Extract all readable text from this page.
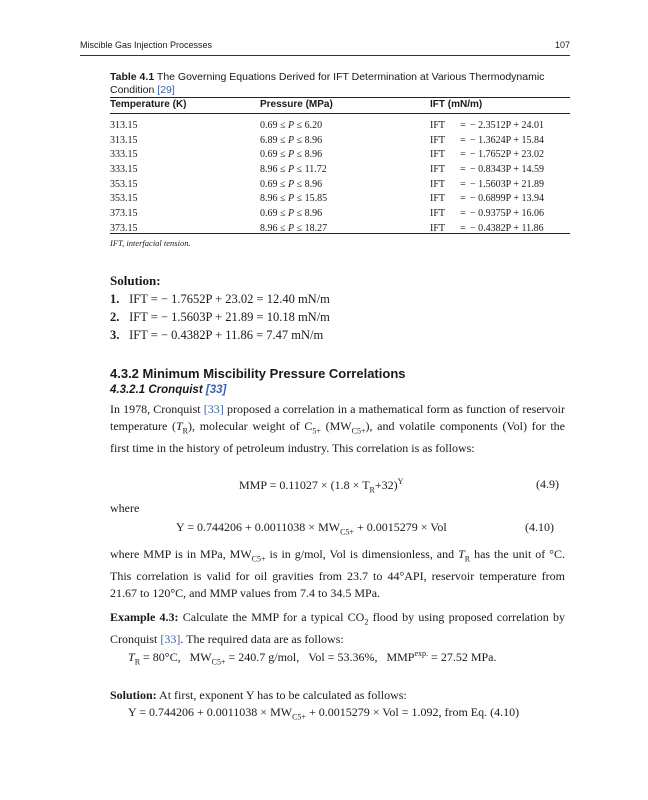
Miscible Gas Injection Processes	107
Table 4.1 The Governing Equations Derived for IFT Determination at Various Thermodynamic Condition [29]
Temperature (K)	Pressure (MPa)	IFT (mN/m)
313.15	0.69 ≤ P ≤ 6.20	IFT = − 2.3512P + 24.01
313.15	6.89 ≤ P ≤ 8.96	IFT = − 1.3624P + 15.84
333.15	0.69 ≤ P ≤ 8.96	IFT = − 1.7652P + 23.02
333.15	8.96 ≤ P ≤ 11.72	IFT = − 0.8343P + 14.59
353.15	0.69 ≤ P ≤ 8.96	IFT = − 1.5603P + 21.89
353.15	8.96 ≤ P ≤ 15.85	IFT = − 0.6899P + 13.94
373.15	0.69 ≤ P ≤ 8.96	IFT = − 0.9375P + 16.06
373.15	8.96 ≤ P ≤ 18.27	IFT = − 0.4382P + 11.86
IFT, interfacial tension.
Solution:
1. IFT = − 1.7652P + 23.02 = 12.40 mN/m
2. IFT = − 1.5603P + 21.89 = 10.18 mN/m
3. IFT = − 0.4382P + 11.86 = 7.47 mN/m
4.3.2 Minimum Miscibility Pressure Correlations
4.3.2.1 Cronquist [33]
In 1978, Cronquist [33] proposed a correlation in a mathematical form as function of reservoir temperature $(T_R)$, molecular weight of $C_{5+}$ $(MW_{C5+})$, and volatile components (Vol) for the first time in the history of petroleum industry. This correlation is as follows:
MMP = $0.11027 \times (1.8 \times T_R+32)^Y$	(4.9)
where
$Y = 0.744206 + 0.0011038 \times MW_{C5+} + 0.0015279$ × Vol	(4.10)
where MMP is in MPa, $MW_{C5+}$ is in g/mol, Vol is dimensionless, and $T_R$ has the unit of °C. This correlation is valid for oil gravities from 23.7 to 44°API, reservoir temperature from 21.67 to 120°C, and MMP values from 7.4 to 34.5 MPa.
Example 4.3: Calculate the MMP for a typical $CO_2$ flood by using proposed correlation by Cronquist [33]. The required data are as follows:
$T_R = 80^\circ C$, $MW_{C5+} = 240.7$ g/mol, Vol = 53.36%, $MMP^{exp.} = 27.52$ MPa.
Solution: At first, exponent Y has to be calculated as follows:
$Y = 0.744206 + 0.0011038 \times MW_{C5+} + 0.0015279$ × Vol = 1.092, from Eq. (4.10)
